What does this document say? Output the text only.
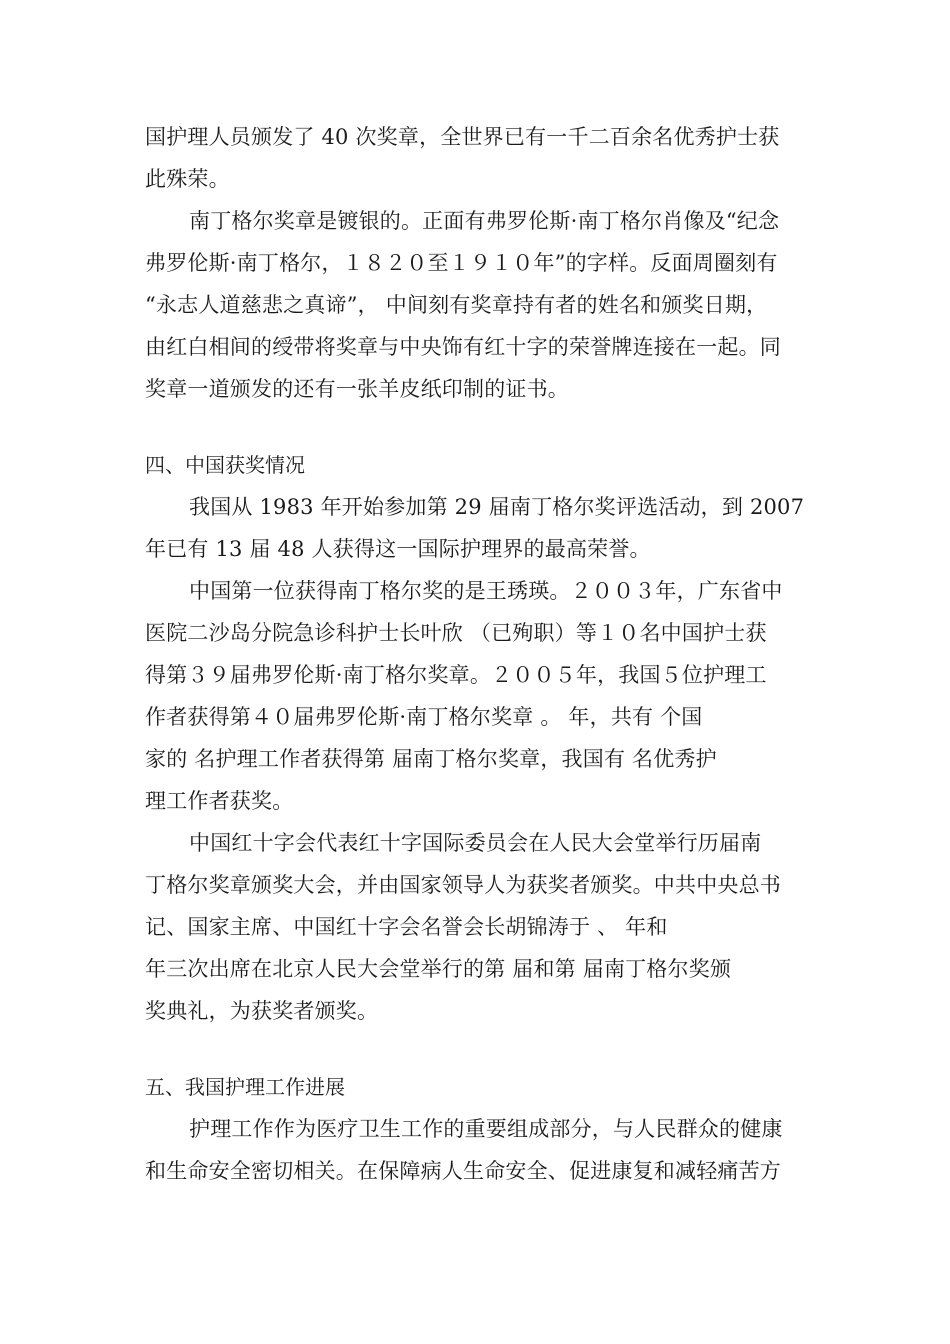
国护理人员颁发了 40 次奖章，全世界已有一千二百余名优秀护士获
此殊荣。

南丁格尔奖章是镀银的。正面有弗罗伦斯·南丁格尔肖像及“纪念
弗罗伦斯·南丁格尔，１８２０至１９１０年”的字样。反面周圈刻有
“永志人道慈悲之真谛”， 中间刻有奖章持有者的姓名和颁奖日期，
由红白相间的绶带将奖章与中央饰有红十字的荣誉牌连接在一起。同
奖章一道颁发的还有一张羊皮纸印制的证书。

四、中国获奖情况

我国从 1983 年开始参加第 29 届南丁格尔奖评选活动，到 2007
年已有 13 届 48 人获得这一国际护理界的最高荣誉。

中国第一位获得南丁格尔奖的是王琇瑛。２００３年，广东省中
医院二沙岛分院急诊科护士长叶欣 （已殉职）等１０名中国护士获
得第３９届弗罗伦斯·南丁格尔奖章。２００５年，我国５位护理工
作者获得第４０届弗罗伦斯·南丁格尔奖章 。 年，共有 个国
家的 名护理工作者获得第 届南丁格尔奖章，我国有 名优秀护
理工作者获奖。

中国红十字会代表红十字国际委员会在人民大会堂举行历届南
丁格尔奖章颁奖大会，并由国家领导人为获奖者颁奖。中共中央总书
记、国家主席、中国红十字会名誉会长胡锦涛于 、 年和
年三次出席在北京人民大会堂举行的第 届和第 届南丁格尔奖颁
奖典礼，为获奖者颁奖。

五、我国护理工作进展

护理工作作为医疗卫生工作的重要组成部分，与人民群众的健康
和生命安全密切相关。在保障病人生命安全、促进康复和减轻痛苦方
